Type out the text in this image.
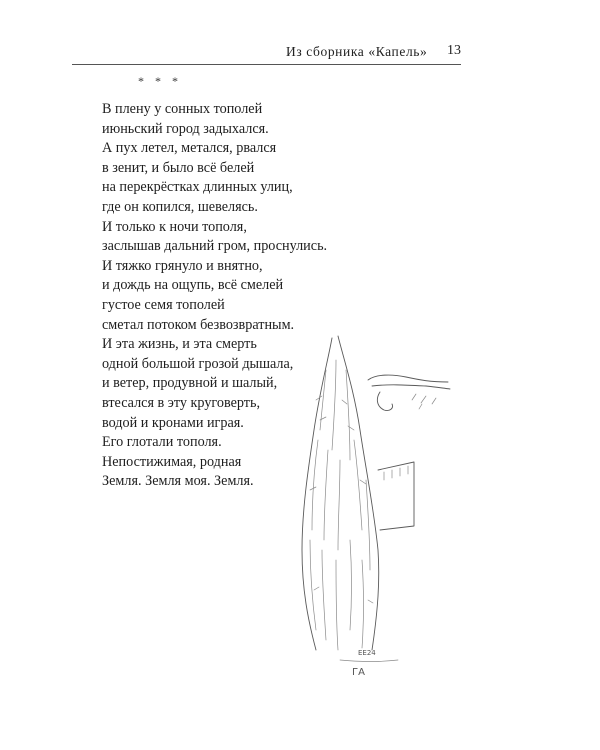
Из сборника «Капель» 13
* * *
В плену у сонных тополей
июньский город задыхался.
А пух летел, метался, рвался
в зенит, и было всё белей
на перекрёстках длинных улиц,
где он копился, шевелясь.
И только к ночи тополя,
заслышав дальний гром, проснулись.
И тяжко грянуло и внятно,
и дождь на ощупь, всё смелей
густое семя тополей
сметал потоком безвозвратным.
И эта жизнь, и эта смерть
одной большой грозой дышала,
и ветер, продувной и шалый,
втесался в эту круговерть,
водой и кронами играя.
Его глотали тополя.
Непостижимая, родная
Земля. Земля моя. Земля.
ЕЕ24
ГА
